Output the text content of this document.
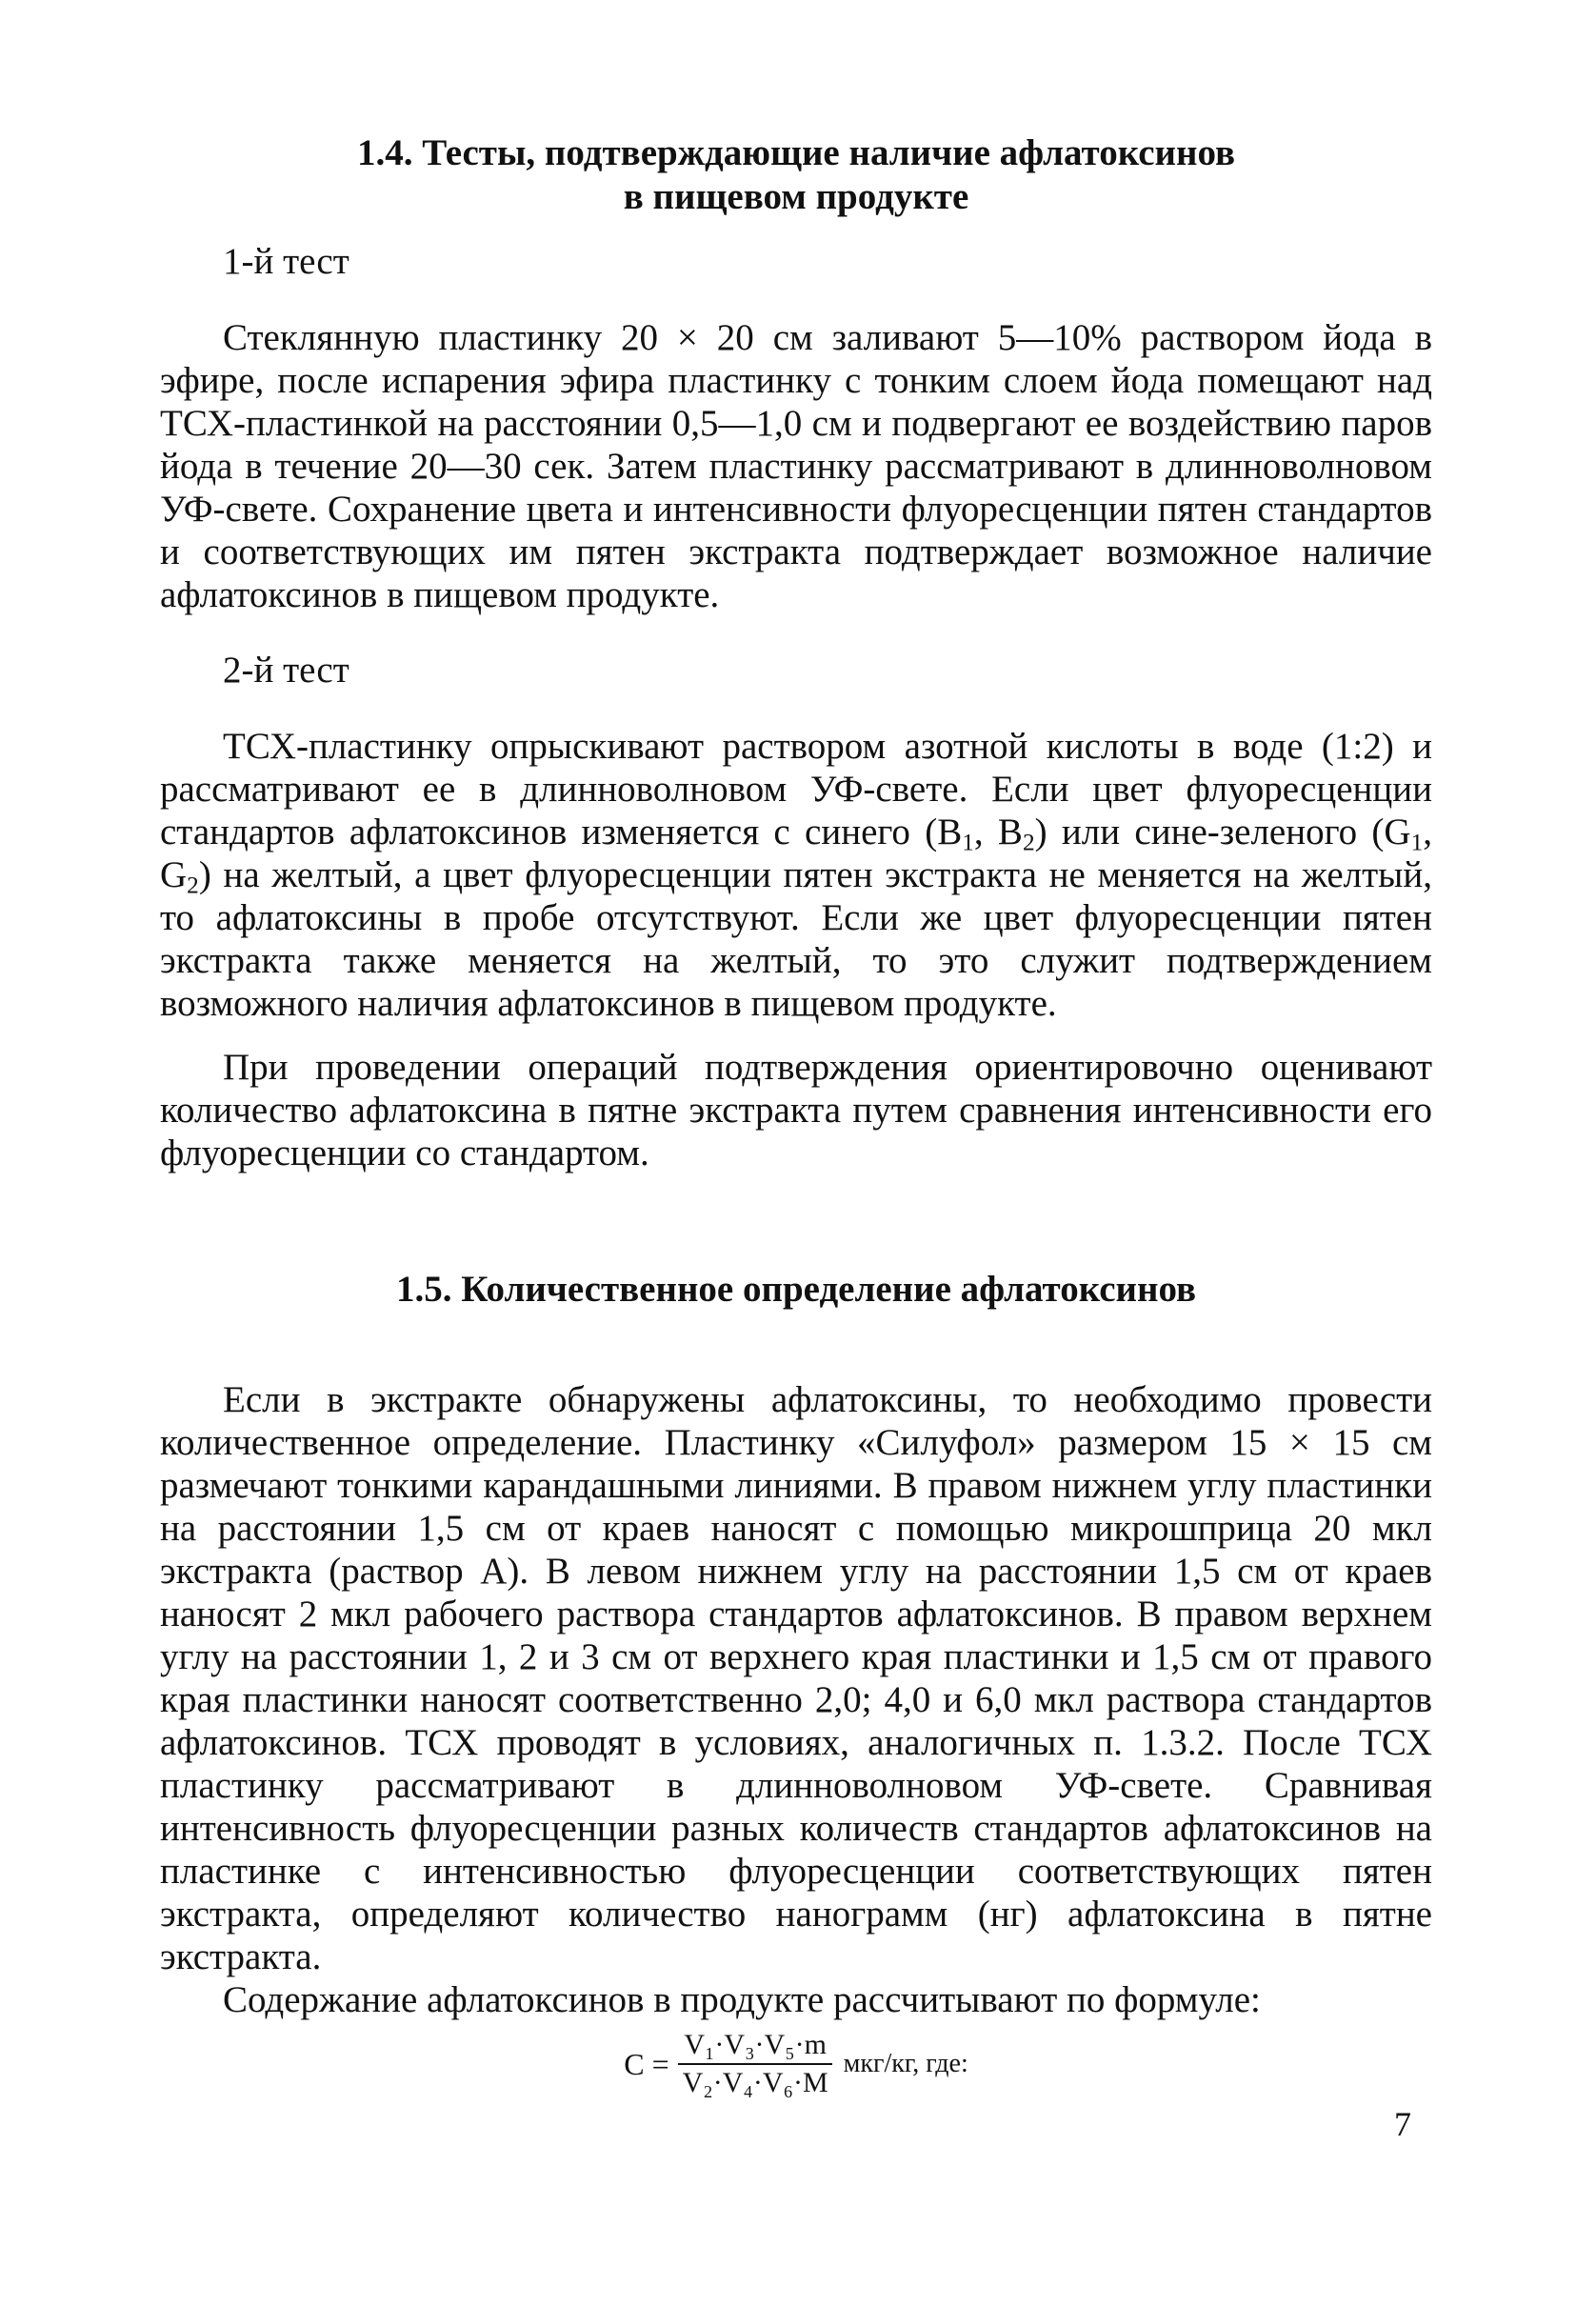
1.4. Тесты, подтверждающие наличие афлатоксинов
в пищевом продукте

1-й тест

Стеклянную пластинку 20 × 20 см заливают 5—10% раствором йода в эфире, после испарения эфира пластинку с тонким слоем йода помещают над ТСХ-пластинкой на расстоянии 0,5—1,0 см и подвергают ее воздействию паров йода в течение 20—30 сек. Затем пластинку рассматривают в длинноволновом УФ-свете. Сохранение цвета и интенсивности флуоресценции пятен стандартов и соответствующих им пятен экстракта подтверждает возможное наличие афлатоксинов в пищевом продукте.

2-й тест

ТСХ-пластинку опрыскивают раствором азотной кислоты в воде (1:2) и рассматривают ее в длинноволновом УФ-свете. Если цвет флуоресценции стандартов афлатоксинов изменяется с синего ($B_1$, $B_2$) или сине-зеленого ($G_1$, $G_2$) на желтый, а цвет флуоресценции пятен экстракта не меняется на желтый, то афлатоксины в пробе отсутствуют. Если же цвет флуоресценции пятен экстракта также меняется на желтый, то это служит подтверждением возможного наличия афлатоксинов в пищевом продукте.

При проведении операций подтверждения ориентировочно оценивают количество афлатоксина в пятне экстракта путем сравнения интенсивности его флуоресценции со стандартом.

1.5. Количественное определение афлатоксинов

Если в экстракте обнаружены афлатоксины, то необходимо провести количественное определение. Пластинку «Силуфол» размером 15 × 15 см размечают тонкими карандашными линиями. В правом нижнем углу пластинки на расстоянии 1,5 см от краев наносят с помощью микрошприца 20 мкл экстракта (раствор А). В левом нижнем углу на расстоянии 1,5 см от краев наносят 2 мкл рабочего раствора стандартов афлатоксинов. В правом верхнем углу на расстоянии 1, 2 и 3 см от верхнего края пластинки и 1,5 см от правого края пластинки наносят соответственно 2,0; 4,0 и 6,0 мкл раствора стандартов афлатоксинов. ТСХ проводят в условиях, аналогичных п. 1.3.2. После ТСХ пластинку рассматривают в длинноволновом УФ-свете. Сравнивая интенсивность флуоресценции разных количеств стандартов афлатоксинов на пластинке с интенсивностью флуоресценции соответствующих пятен экстракта, определяют количество нанограмм (нг) афлатоксина в пятне экстракта.

Содержание афлатоксинов в продукте рассчитывают по формуле:

$C = \frac{\text{V₁·V₃·V₅·m}}{\text{V₂·V₄·V₆·M}} мкг/кг$, где:
7
